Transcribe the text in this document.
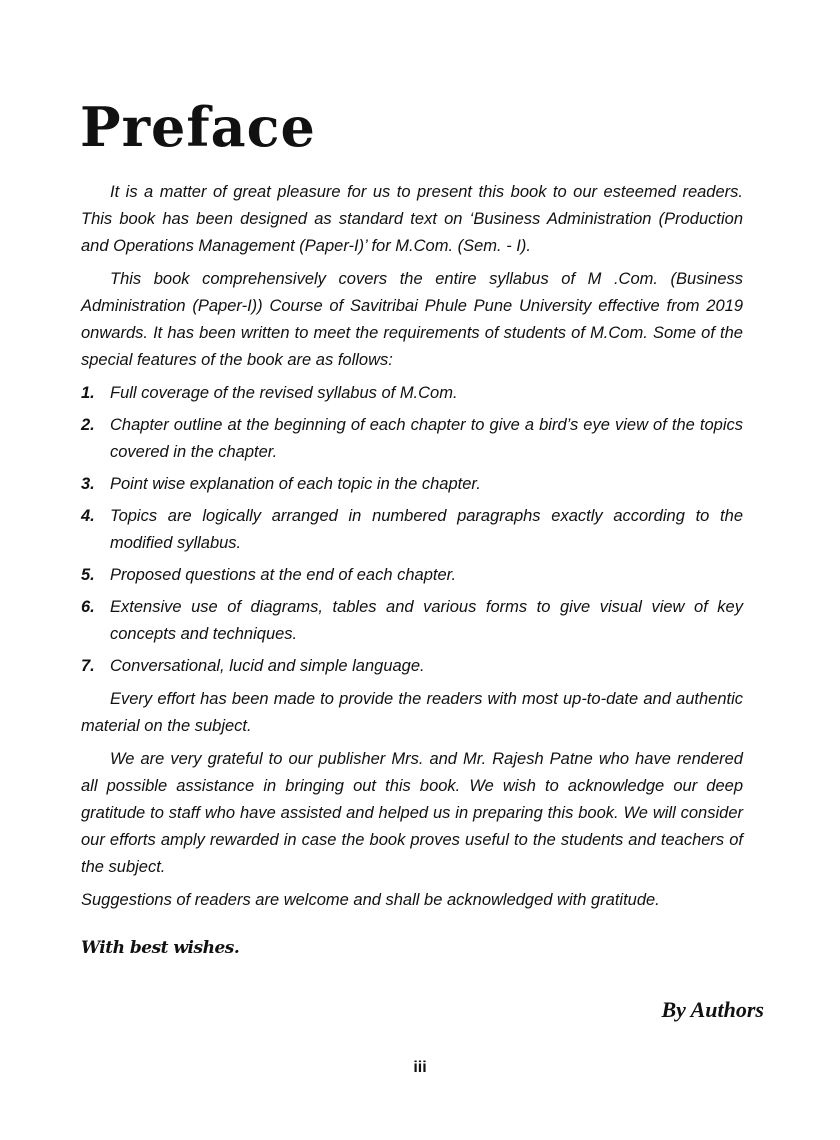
Preface

It is a matter of great pleasure for us to present this book to our esteemed readers. This book has been designed as standard text on ‘Business Administration (Production and Operations Management (Paper-I)’ for M.Com. (Sem. - I).

This book comprehensively covers the entire syllabus of M .Com. (Business Administration (Paper-I)) Course of Savitribai Phule Pune University effective from 2019 onwards. It has been written to meet the requirements of students of M.Com. Some of the special features of the book are as follows:

1. Full coverage of the revised syllabus of M.Com.
2. Chapter outline at the beginning of each chapter to give a bird’s eye view of the topics covered in the chapter.
3. Point wise explanation of each topic in the chapter.
4. Topics are logically arranged in numbered paragraphs exactly according to the modified syllabus.
5. Proposed questions at the end of each chapter.
6. Extensive use of diagrams, tables and various forms to give visual view of key concepts and techniques.
7. Conversational, lucid and simple language.

Every effort has been made to provide the readers with most up-to-date and authentic material on the subject.

We are very grateful to our publisher Mrs. and Mr. Rajesh Patne who have rendered all possible assistance in bringing out this book. We wish to acknowledge our deep gratitude to staff who have assisted and helped us in preparing this book. We will consider our efforts amply rewarded in case the book proves useful to the students and teachers of the subject.

Suggestions of readers are welcome and shall be acknowledged with gratitude.

With best wishes.
By Authors
iii
